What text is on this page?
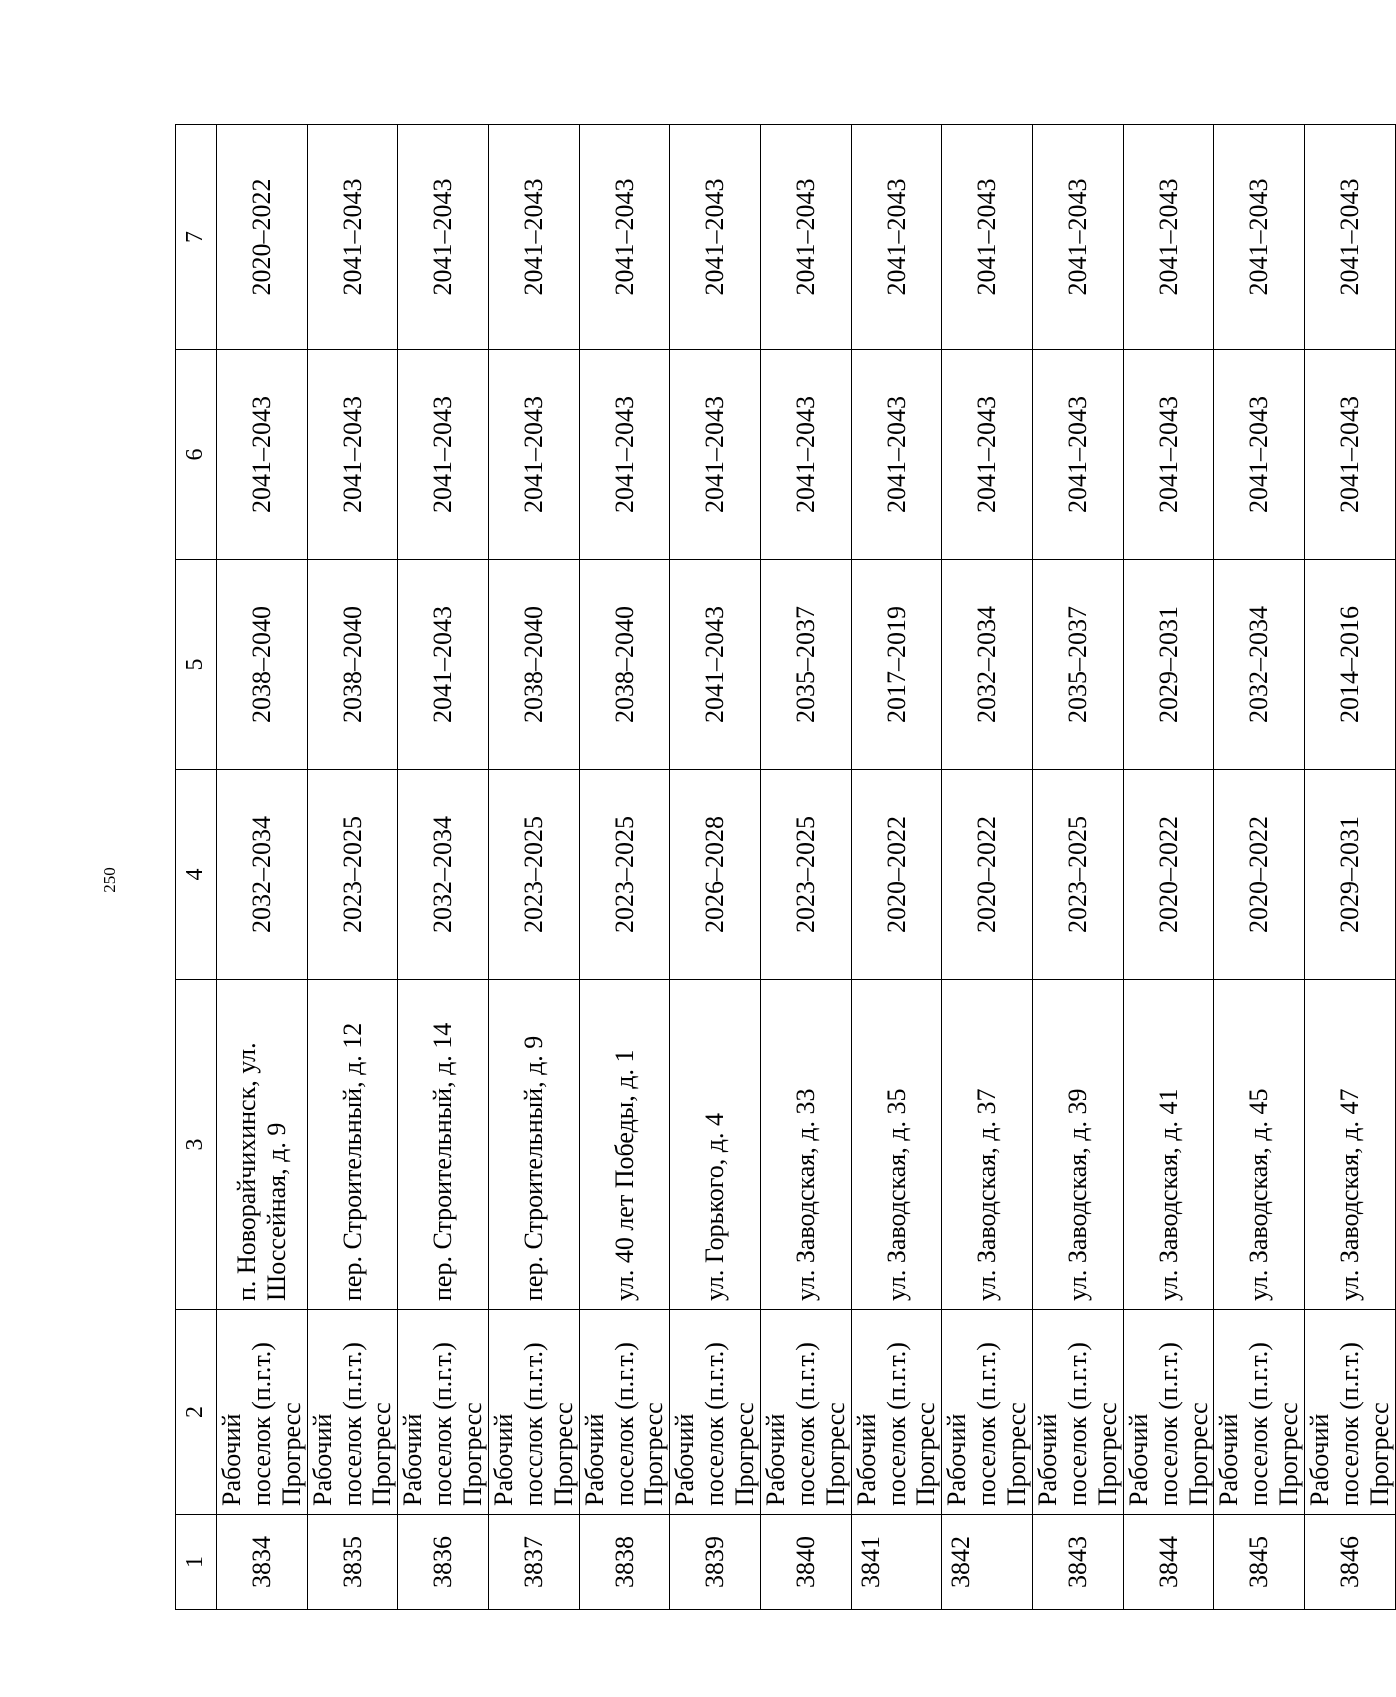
250
1	2	3	4	5	6	7
3834	Рабочий поселок (п.г.т.) Прогресс	п. Новорайчихинск, ул. Шоссейная, д. 9	2032–2034	2038–2040	2041–2043	2020–2022
3835	Рабочий поселок (п.г.т.) Прогресс	пер. Строительный, д. 12	2023–2025	2038–2040	2041–2043	2041–2043
3836	Рабочий поселок (п.г.т.) Прогресс	пер. Строительный, д. 14	2032–2034	2041–2043	2041–2043	2041–2043
3837	Рабочий посслок (п.г.т.) Прогресс	пер. Строительный, д. 9	2023–2025	2038–2040	2041–2043	2041–2043
3838	Рабочий поселок (п.г.т.) Прогресс	ул. 40 лет Победы, д. 1	2023–2025	2038–2040	2041–2043	2041–2043
3839	Рабочий поселок (п.г.т.) Прогресс	ул. Горького, д. 4	2026–2028	2041–2043	2041–2043	2041–2043
3840	Рабочий поселок (п.г.т.) Прогресс	ул. Заводская, д. 33	2023–2025	2035–2037	2041–2043	2041–2043
3841	Рабочий поселок (п.г.т.) Прогресс	ул. Заводская, д. 35	2020–2022	2017–2019	2041–2043	2041–2043
3842	Рабочий поселок (п.г.т.) Прогресс	ул. Заводская, д. 37	2020–2022	2032–2034	2041–2043	2041–2043
3843	Рабочий поселок (п.г.т.) Прогресс	ул. Заводская, д. 39	2023–2025	2035–2037	2041–2043	2041–2043
3844	Рабочий поселок (п.г.т.) Прогресс	ул. Заводская, д. 41	2020–2022	2029–2031	2041–2043	2041–2043
3845	Рабочий поселок (п.г.т.) Прогресс	ул. Заводская, д. 45	2020–2022	2032–2034	2041–2043	2041–2043
3846	Рабочий поселок (п.г.т.) Прогресс	ул. Заводская, д. 47	2029–2031	2014–2016	2041–2043	2041–2043
